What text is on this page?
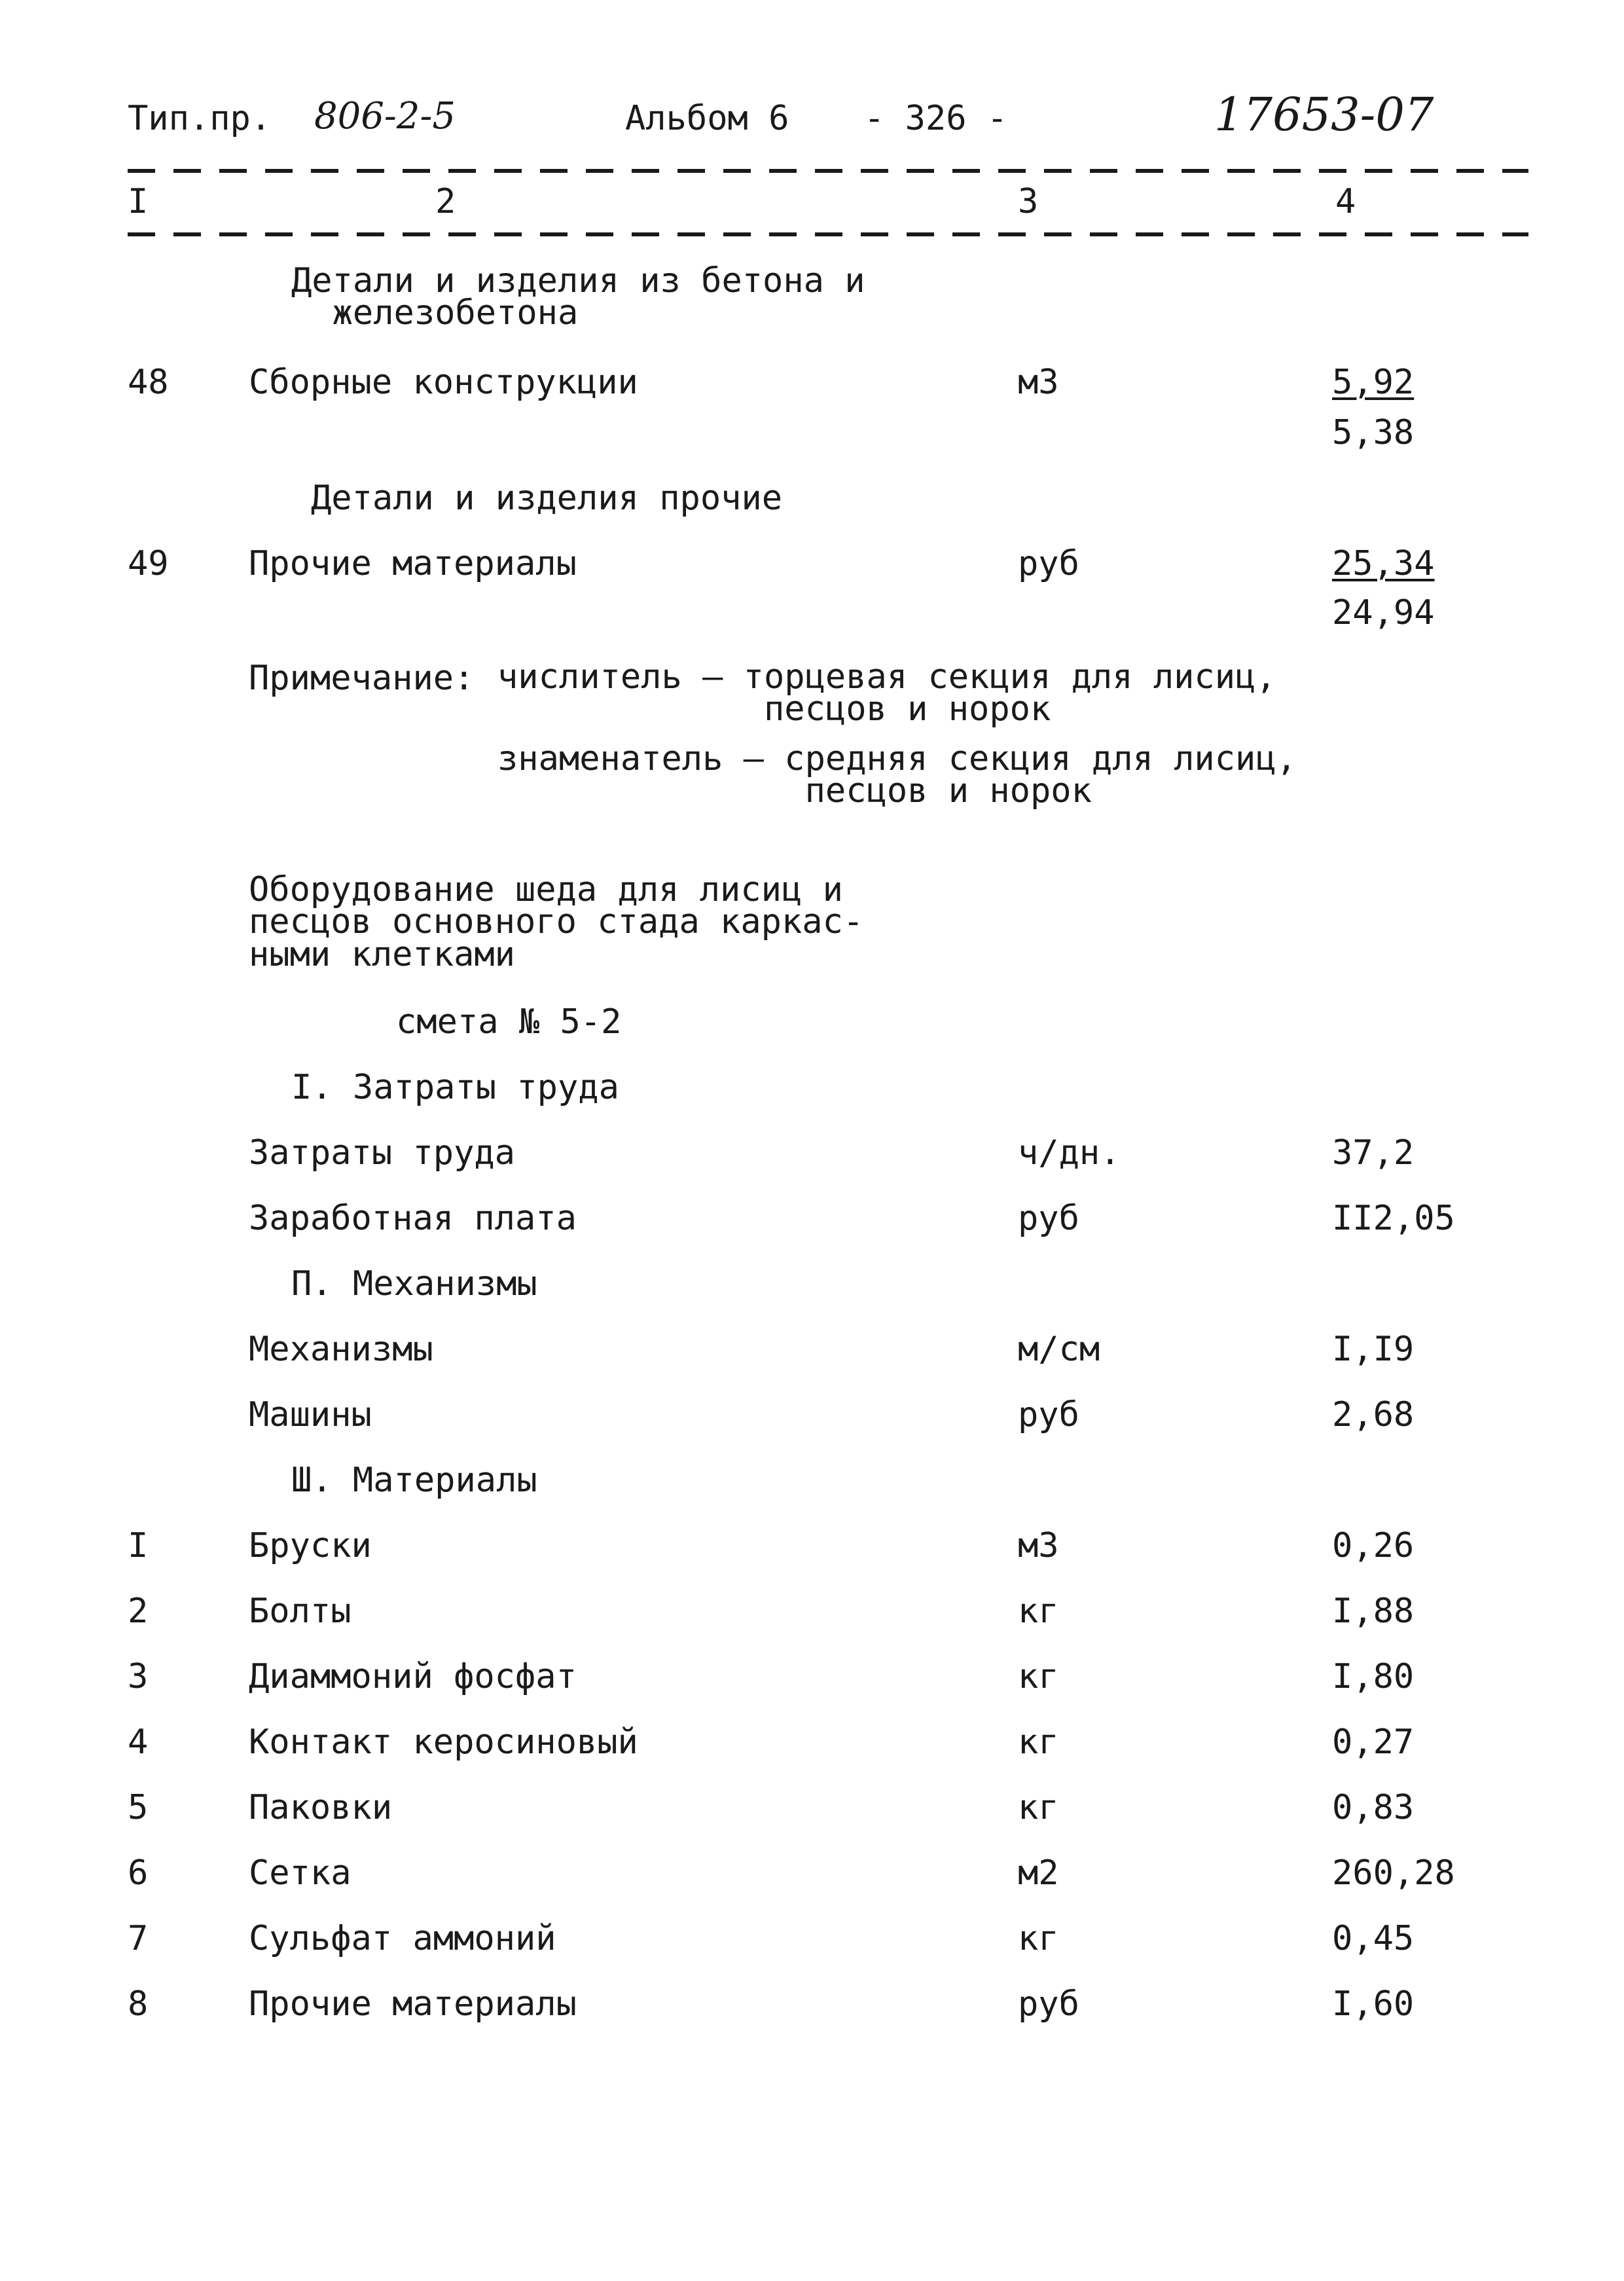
Тип.пр. 806-2-5	Альбом 6 - 326 -	17653-07
I	2	3	4
Детали и изделия из бетона и
железобетона
48 Сборные конструкции	м3	5,92
5,38
Детали и изделия прочие
49 Прочие материалы	руб	25,34
24,94
Примечание: числитель – торцевая секция для лисиц,
песцов и норок
знаменатель – средняя секция для лисиц,
песцов и норок
Оборудование шеда для лисиц и
песцов основного стада каркас-
ными клетками
смета № 5-2
I. Затраты труда
Затраты труда	ч/дн.	37,2
Заработная плата	руб	II2,05
П. Механизмы
Механизмы	м/см	I,I9
Машины	руб	2,68
Ш. Материалы
I	Бруски	м3	0,26
2	Болты	кг	I,88
3	Диаммоний фосфат	кг	I,80
4	Контакт керосиновый	кг	0,27
5	Паковки	кг	0,83
6	Сетка	м2	260,28
7	Сульфат аммоний	кг	0,45
8	Прочие материалы	руб	I,60
